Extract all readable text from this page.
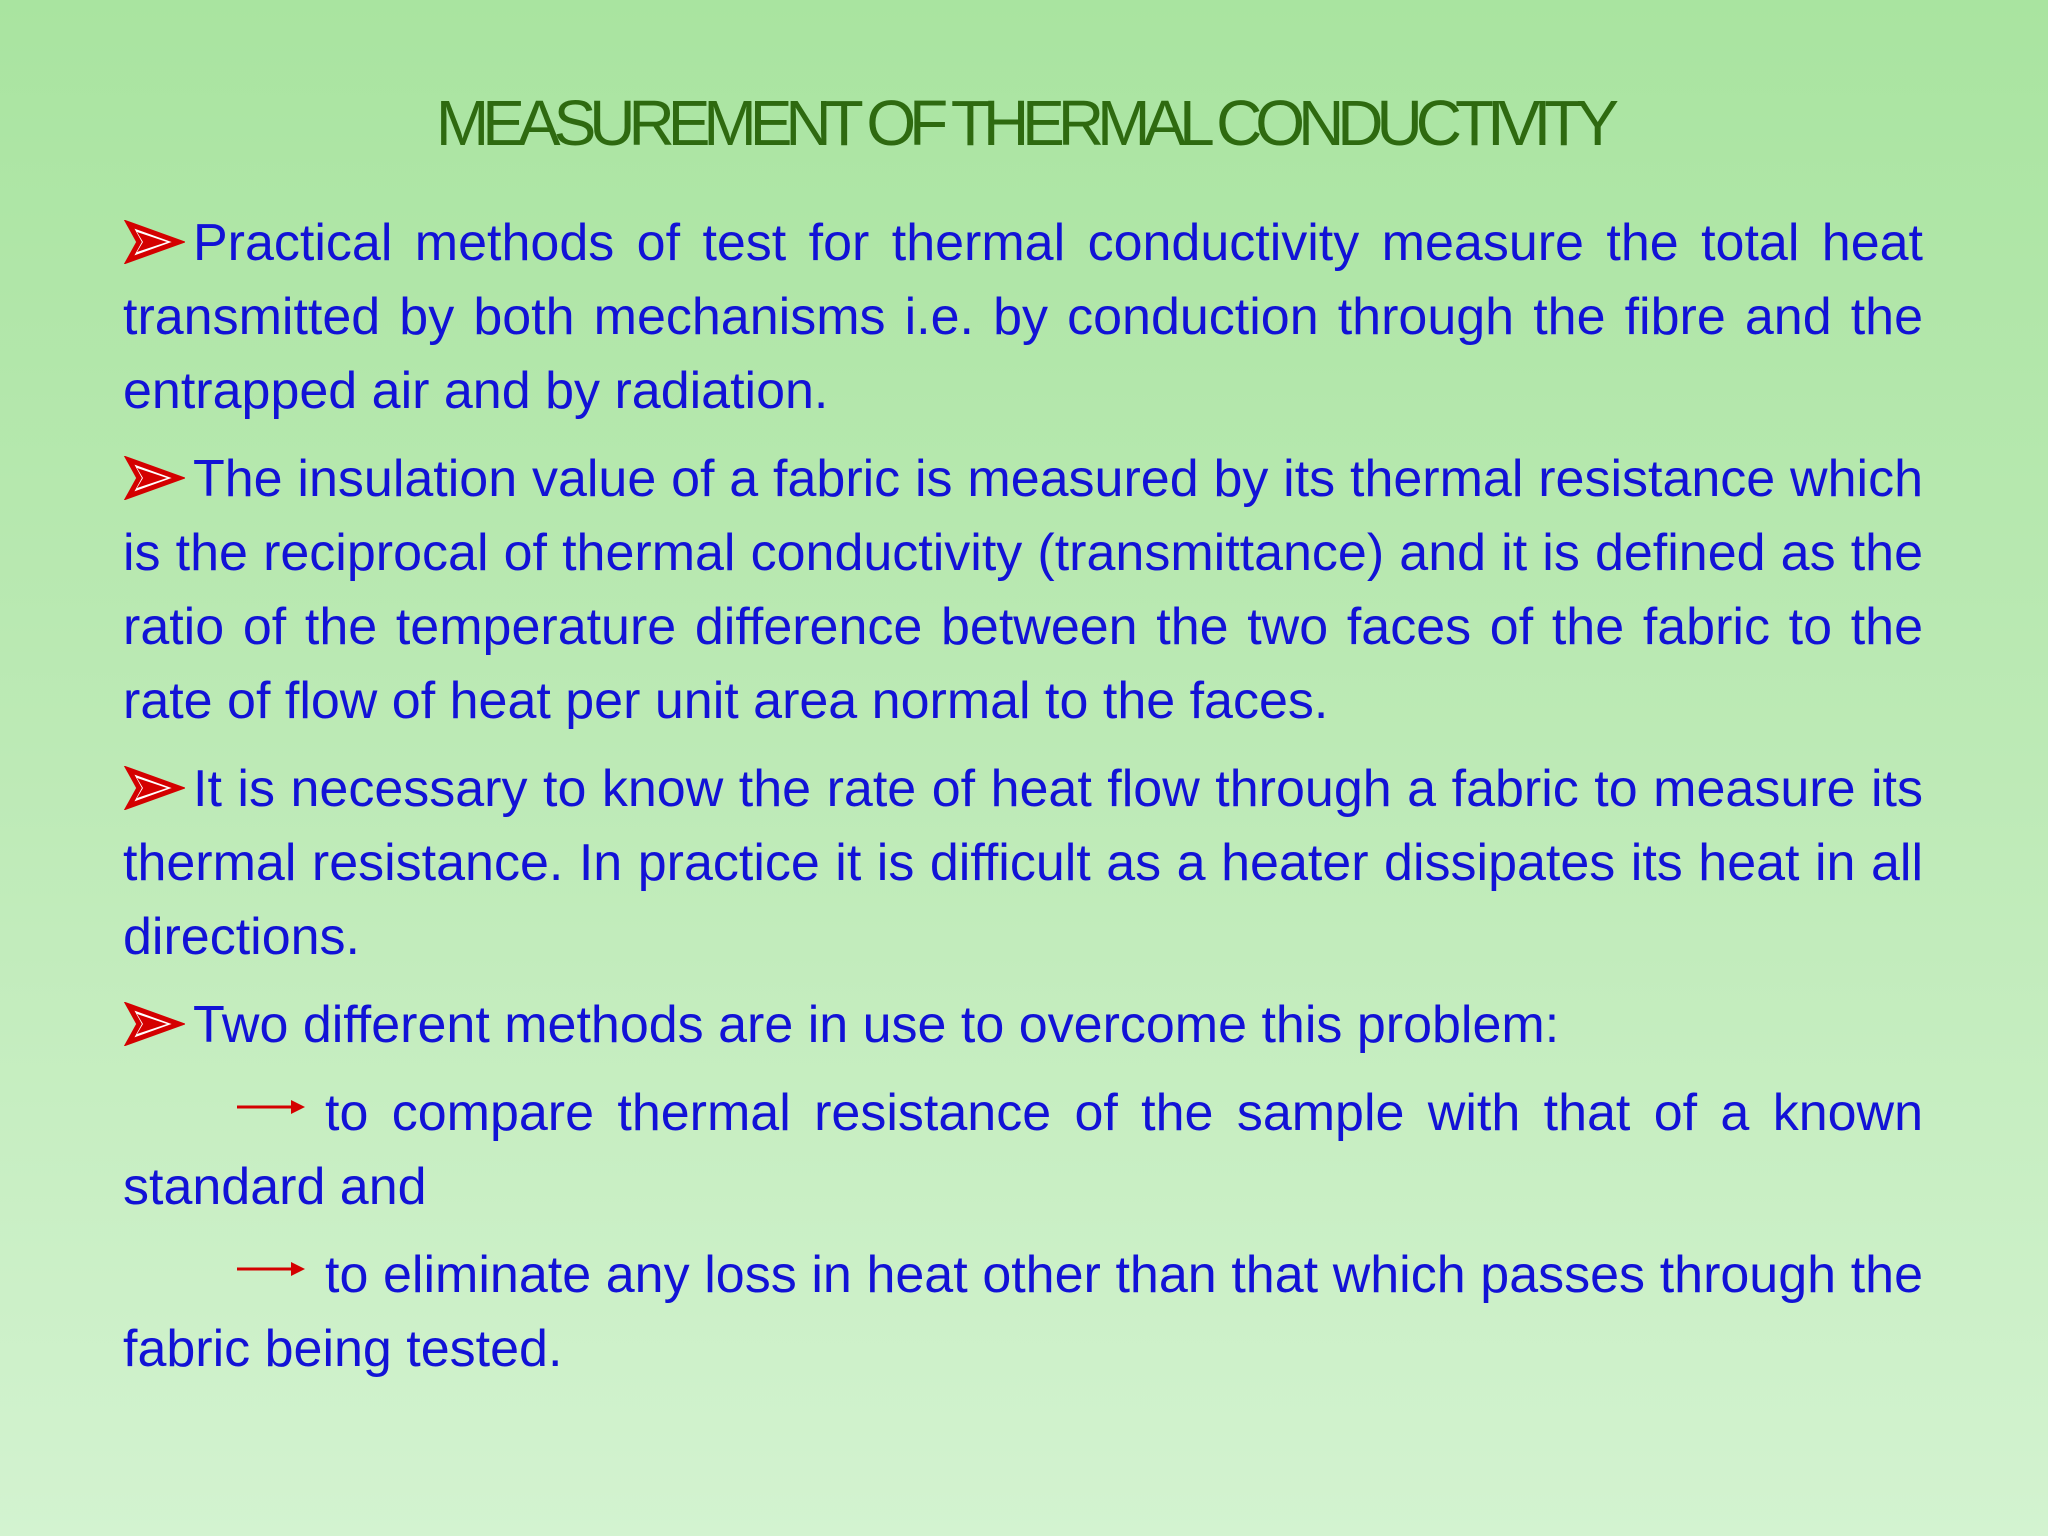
MEASUREMENT OF THERMAL CONDUCTIVITY

Practical methods of test for thermal conductivity measure the total heat transmitted by both mechanisms i.e. by conduction through the fibre and the entrapped air and by radiation.

The insulation value of a fabric is measured by its thermal resistance which is the reciprocal of thermal conductivity (transmittance) and it is defined as the ratio of the temperature difference between the two faces of the fabric to the rate of flow of heat per unit area normal to the faces.

It is necessary to know the rate of heat flow through a fabric to measure its thermal resistance. In practice it is difficult as a heater dissipates its heat in all directions.

Two different methods are in use to overcome this problem:

to compare thermal resistance of the sample with that of a known standard and

to eliminate any loss in heat other than that which passes through the fabric being tested.
